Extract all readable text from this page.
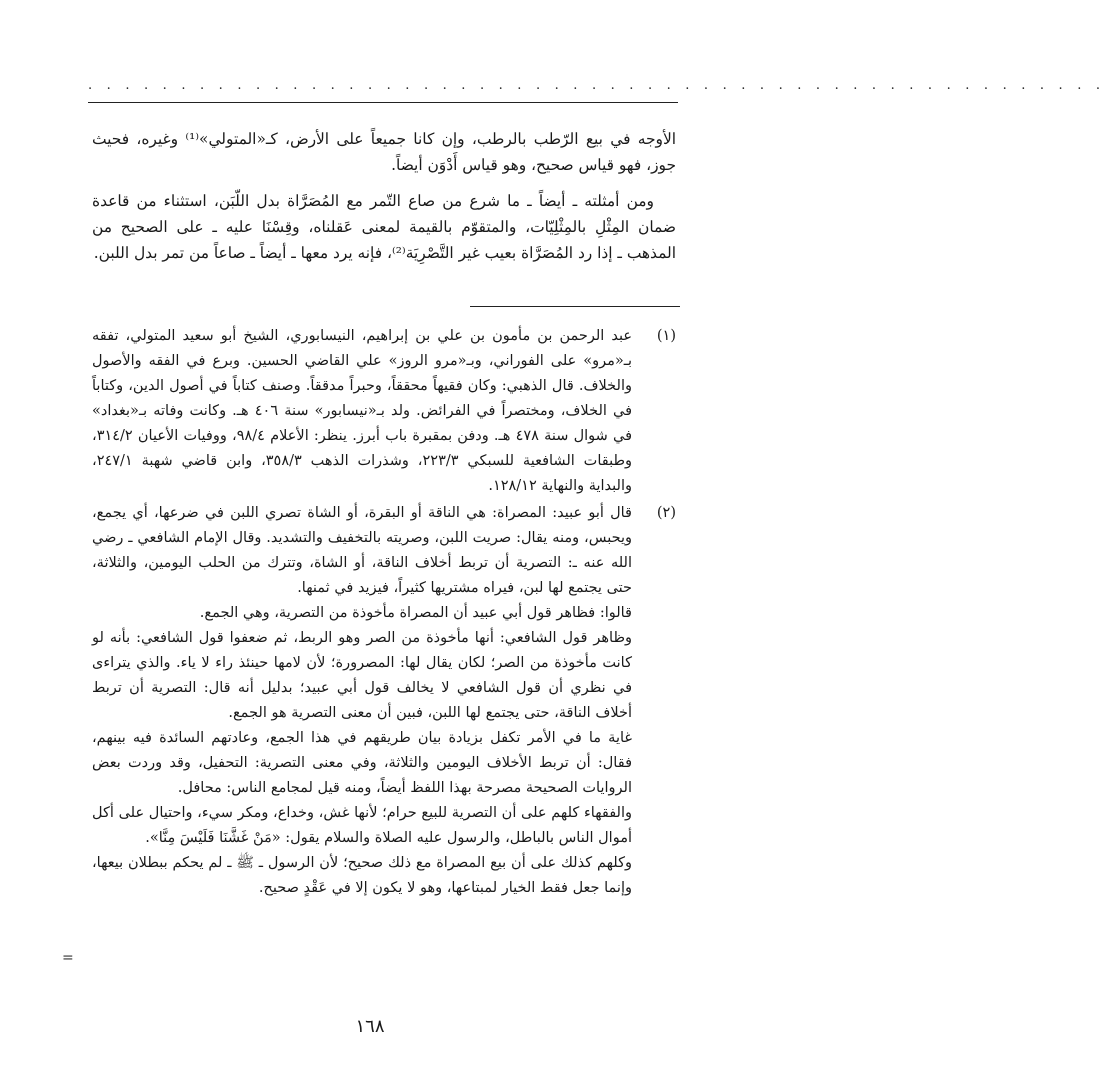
. . . . . . . . . . . . . . . . . . . . . . . . . . . . . . . . . . . . . . . . . . . . . . . . . . . . . . .

الأوجه في بيع الرّطب بالرطب، وإن كانا جميعاً على الأرض، كـ«المتولي»⁽¹⁾ وغيره، فحيث جوز، فهو قياس صحيح، وهو قياس أَدْوَن أيضاً.

ومن أمثلته ـ أيضاً ـ ما شرع من صاع التّمر مع المُصَرَّاة بدل اللّبَن، استثناء من قاعدة ضمان المِثْلِ بالمِثْلِيّات، والمتقوّم بالقيمة لمعنى عَقلناه، وقِسْنَا عليه ـ على الصحيح من المذهب ـ إذا رد المُصَرَّاة بعيب غير التَّصْرِيَة⁽²⁾، فإنه يرد معها ـ أيضاً ـ صاعاً من تمر بدل اللبن.

(١)

عبد الرحمن بن مأمون بن علي بن إبراهيم، النيسابوري، الشيخ أبو سعيد المتولي، تفقه بـ«مرو» على الفوراني، وبـ«مرو الروز» علي القاضي الحسين. وبرع في الفقه والأصول والخلاف. قال الذهبي: وكان فقيهاً محققاً، وحبراً مدققاً. وصنف كتاباً في أصول الدين، وكتاباً في الخلاف، ومختصراً في الفرائض. ولد بـ«نيسابور» سنة ٤٠٦ هـ. وكانت وفاته بـ«بغداد» في شوال سنة ٤٧٨ هـ. ودفن بمقبرة باب أبرز. ينظر: الأعلام ٩٨/٤، ووفيات الأعيان ٣١٤/٢، وطبقات الشافعية للسبكي ٢٢٣/٣، وشذرات الذهب ٣٥٨/٣، وابن قاضي شهبة ٢٤٧/١، والبداية والنهاية ١٢٨/١٢.

(٢)

قال أبو عبيد: المصراة: هي الناقة أو البقرة، أو الشاة تصري اللبن في ضرعها، أي يجمع، ويحبس، ومنه يقال: صريت اللبن، وصريته بالتخفيف والتشديد. وقال الإمام الشافعي ـ رضي الله عنه ـ: التصرية أن تربط أخلاف الناقة، أو الشاة، وتترك من الحلب اليومين، والثلاثة، حتى يجتمع لها لبن، فيراه مشتريها كثيراً، فيزيد في ثمنها.

قالوا: فظاهر قول أبي عبيد أن المصراة مأخوذة من التصرية، وهي الجمع.

وظاهر قول الشافعي: أنها مأخوذة من الصر وهو الربط، ثم ضعفوا قول الشافعي: بأنه لو كانت مأخوذة من الصر؛ لكان يقال لها: المصرورة؛ لأن لامها حينئذ راء لا ياء. والذي يتراءى في نظري أن قول الشافعي لا يخالف قول أبي عبيد؛ بدليل أنه قال: التصرية أن تربط أخلاف الناقة، حتى يجتمع لها اللبن، فبين أن معنى التصرية هو الجمع.

غاية ما في الأمر تكفل بزيادة بيان طريقهم في هذا الجمع، وعادتهم السائدة فيه بينهم، فقال: أن تربط الأخلاف اليومين والثلاثة، وفي معنى التصرية: التحفيل، وقد وردت بعض الروايات الصحيحة مصرحة بهذا اللفظ أيضاً، ومنه قيل لمجامع الناس: محافل.

والفقهاء كلهم على أن التصرية للبيع حرام؛ لأنها غش، وخداع، ومكر سيء، واحتيال على أكل أموال الناس بالباطل، والرسول عليه الصلاة والسلام يقول: «مَنْ غَشَّنَا فَلَيْسَ مِنَّا».

وكلهم كذلك على أن بيع المصراة مع ذلك صحيح؛ لأن الرسول ـ ﷺ ـ لم يحكم ببطلان بيعها، وإنما جعل فقط الخيار لمبتاعها، وهو لا يكون إلا في عَقْدٍ صحيح.

=
١٦٨
